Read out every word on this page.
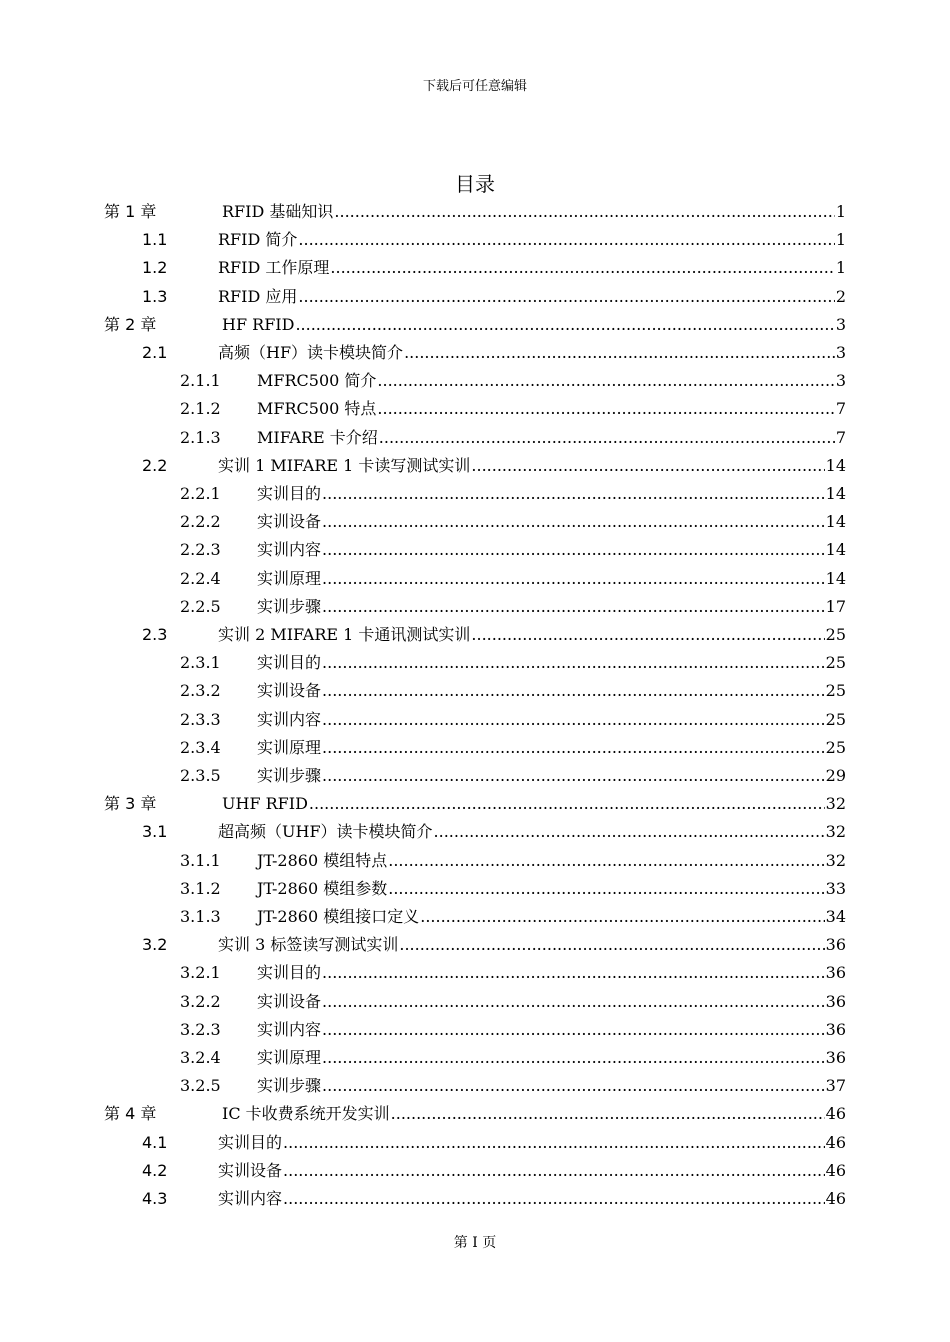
下载后可任意编辑
目录
第 1 章	RFID 基础知识 .....	1
1.1	RFID 简介 .....	1
1.2	RFID 工作原理 .....	1
1.3	RFID 应用 .....	2
第 2 章	HF RFID .....	3
2.1	高频（HF）读卡模块简介 .....	3
2.1.1 MFRC500 简介 .....	3
2.1.2 MFRC500 特点 .....	7
2.1.3 MIFARE 卡介绍 .....	7
2.2	实训 1 MIFARE 1 卡读写测试实训 .....	14
2.2.1 实训目的 .....	14
2.2.2 实训设备 .....	14
2.2.3 实训内容 .....	14
2.2.4 实训原理 .....	14
2.2.5 实训步骤 .....	17
2.3	实训 2 MIFARE 1 卡通讯测试实训 .....	25
2.3.1 实训目的 .....	25
2.3.2 实训设备 .....	25
2.3.3 实训内容 .....	25
2.3.4 实训原理 .....	25
2.3.5 实训步骤 .....	29
第 3 章	UHF RFID .....	32
3.1	超高频（UHF）读卡模块简介 .....	32
3.1.1 JT-2860 模组特点 .....	32
3.1.2 JT-2860 模组参数 .....	33
3.1.3 JT-2860 模组接口定义 .....	34
3.2	实训 3 标签读写测试实训 .....	36
3.2.1 实训目的 .....	36
3.2.2 实训设备 .....	36
3.2.3 实训内容 .....	36
3.2.4 实训原理 .....	36
3.2.5 实训步骤 .....	37
第 4 章	IC 卡收费系统开发实训 .....	46
4.1	实训目的 .....	46
4.2	实训设备 .....	46
4.3	实训内容 .....	46
第 I 页
